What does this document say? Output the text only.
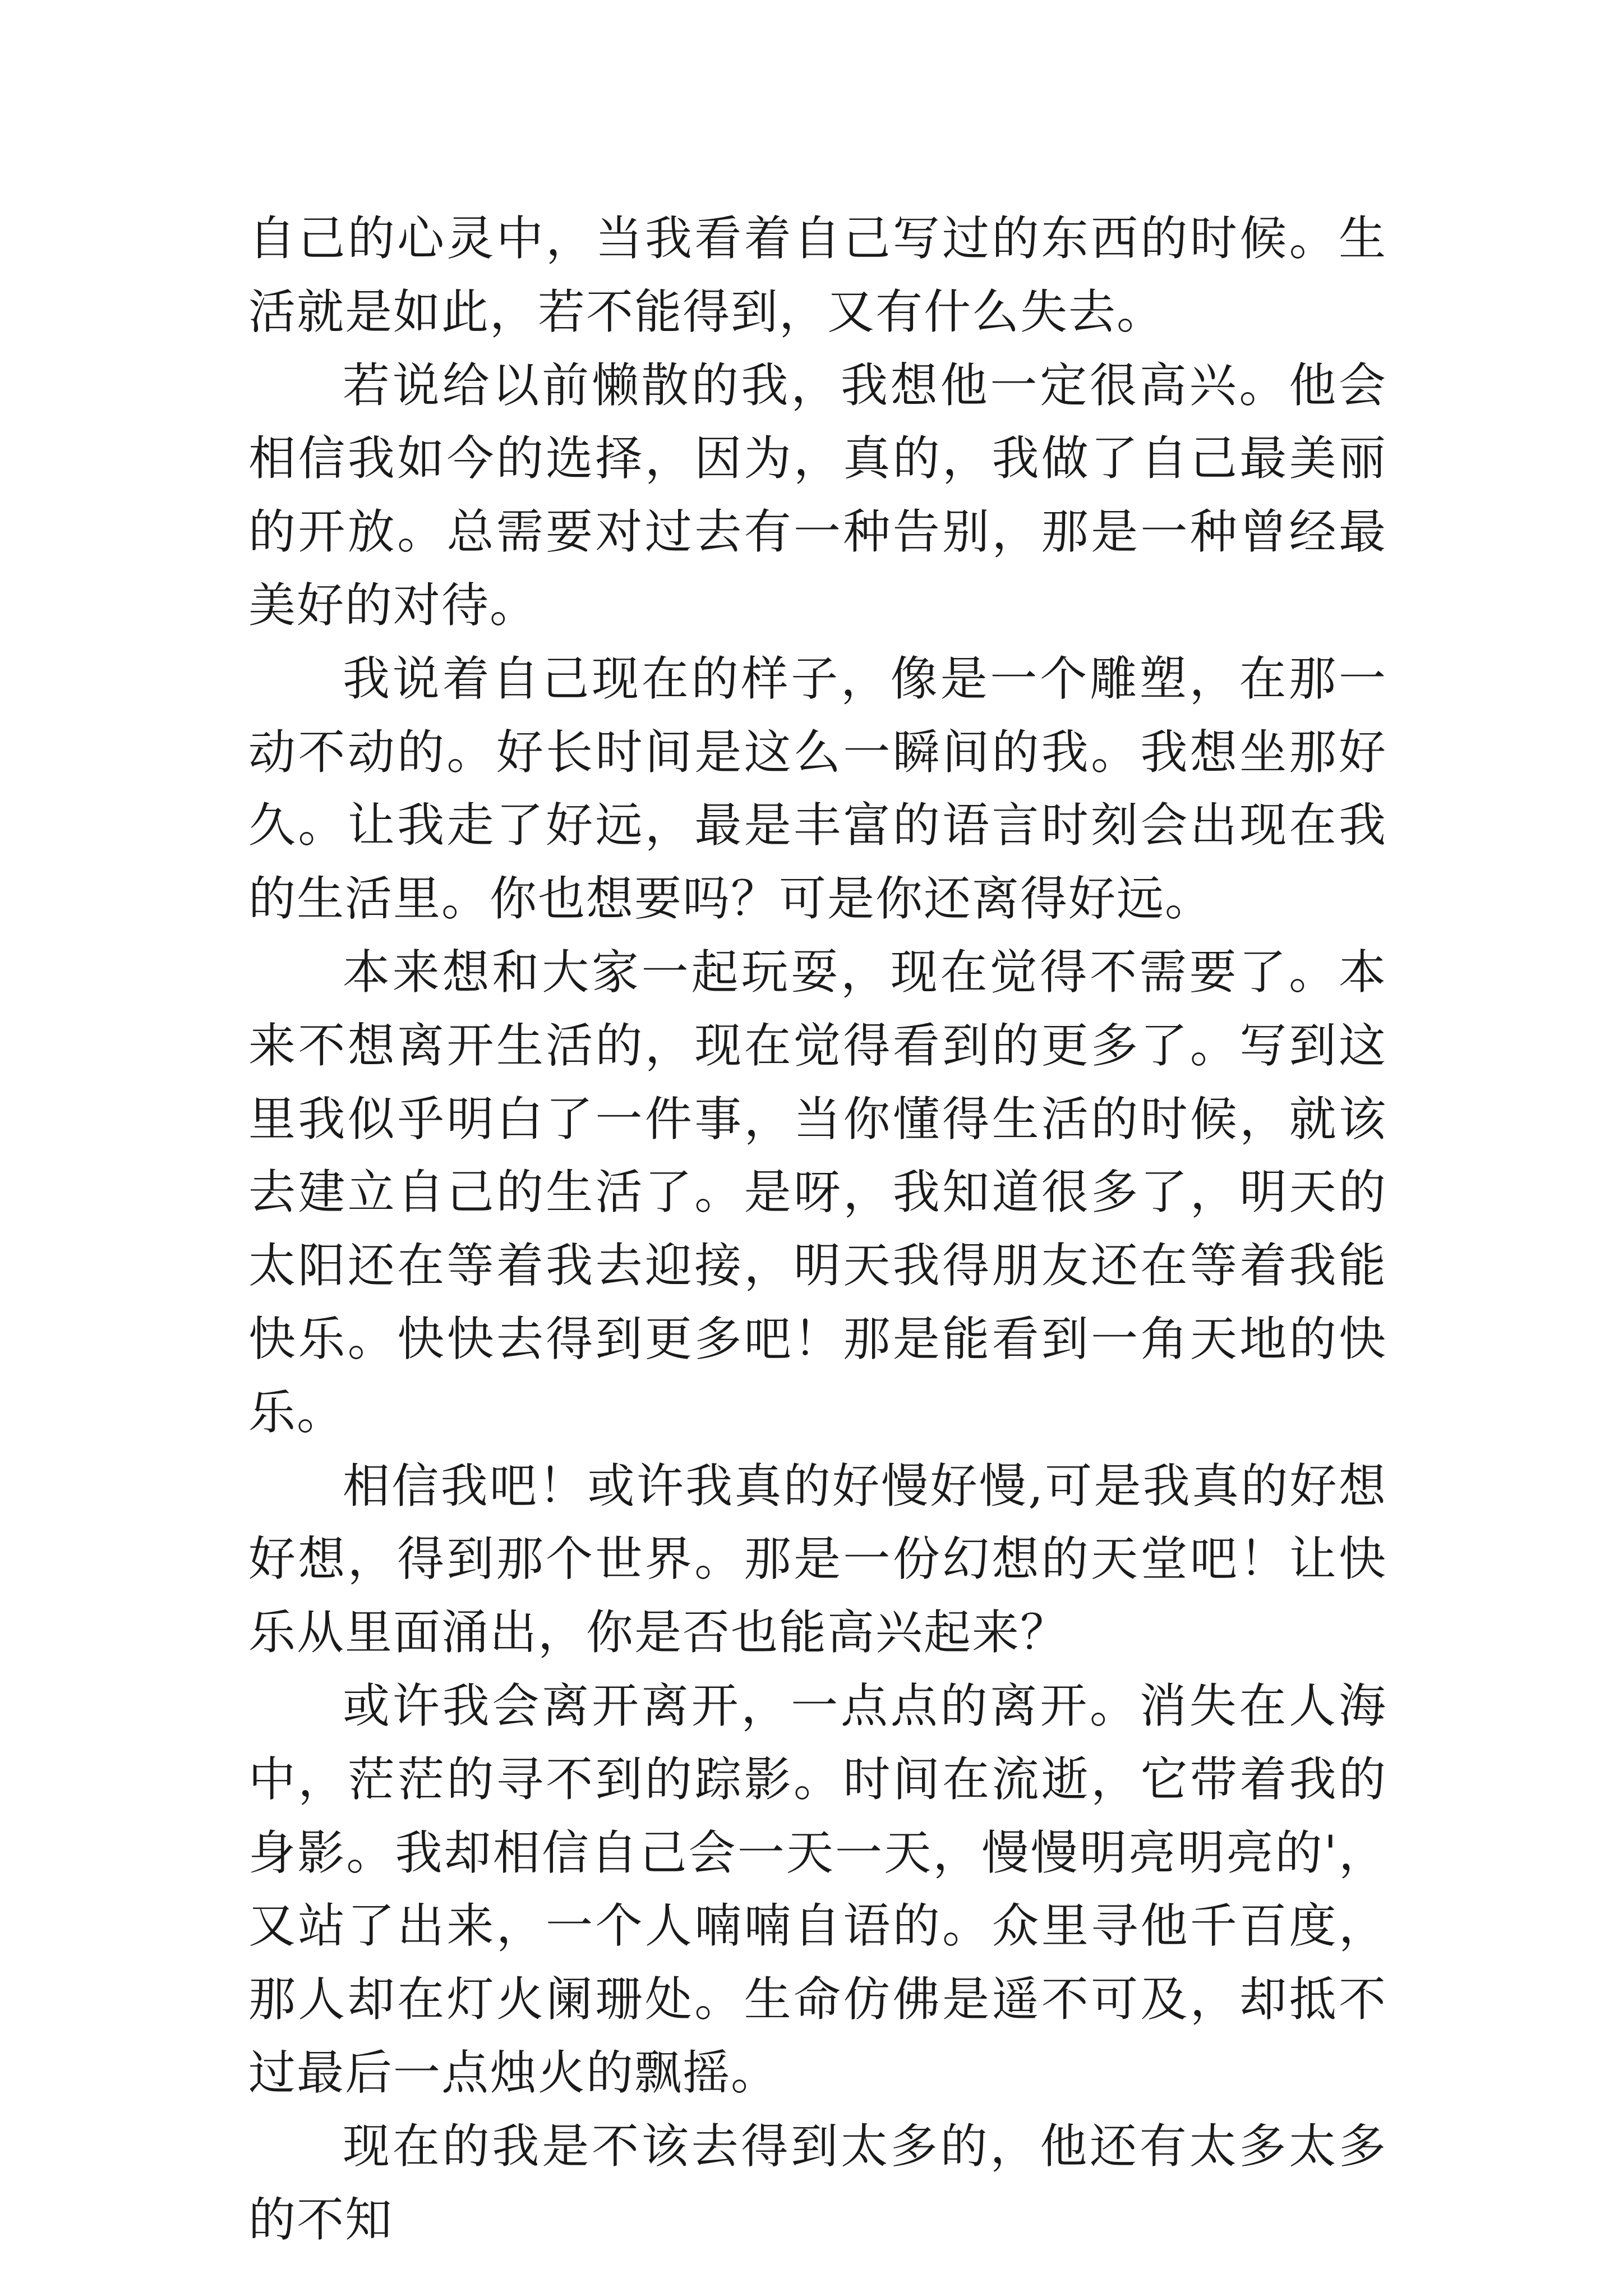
自己的心灵中，当我看着自己写过的东西的时候。生活就是如此，若不能得到，又有什么失去。

若说给以前懒散的我，我想他一定很高兴。他会相信我如今的选择，因为，真的，我做了自己最美丽的开放。总需要对过去有一种告别，那是一种曾经最美好的对待。

我说着自己现在的样子，像是一个雕塑，在那一动不动的。好长时间是这么一瞬间的我。我想坐那好久。让我走了好远，最是丰富的语言时刻会出现在我的生活里。你也想要吗？可是你还离得好远。

本来想和大家一起玩耍，现在觉得不需要了。本来不想离开生活的，现在觉得看到的更多了。写到这里我似乎明白了一件事，当你懂得生活的时候，就该去建立自己的生活了。是呀，我知道很多了，明天的太阳还在等着我去迎接，明天我得朋友还在等着我能快乐。快快去得到更多吧！那是能看到一角天地的快乐。

相信我吧！或许我真的好慢好慢,可是我真的好想好想，得到那个世界。那是一份幻想的天堂吧！让快乐从里面涌出，你是否也能高兴起来？

或许我会离开离开，一点点的离开。消失在人海中，茫茫的寻不到的踪影。时间在流逝，它带着我的身影。我却相信自己会一天一天，慢慢明亮明亮的'，又站了出来，一个人喃喃自语的。众里寻他千百度，那人却在灯火阑珊处。生命仿佛是遥不可及，却抵不过最后一点烛火的飘摇。

现在的我是不该去得到太多的，他还有太多太多的不知
